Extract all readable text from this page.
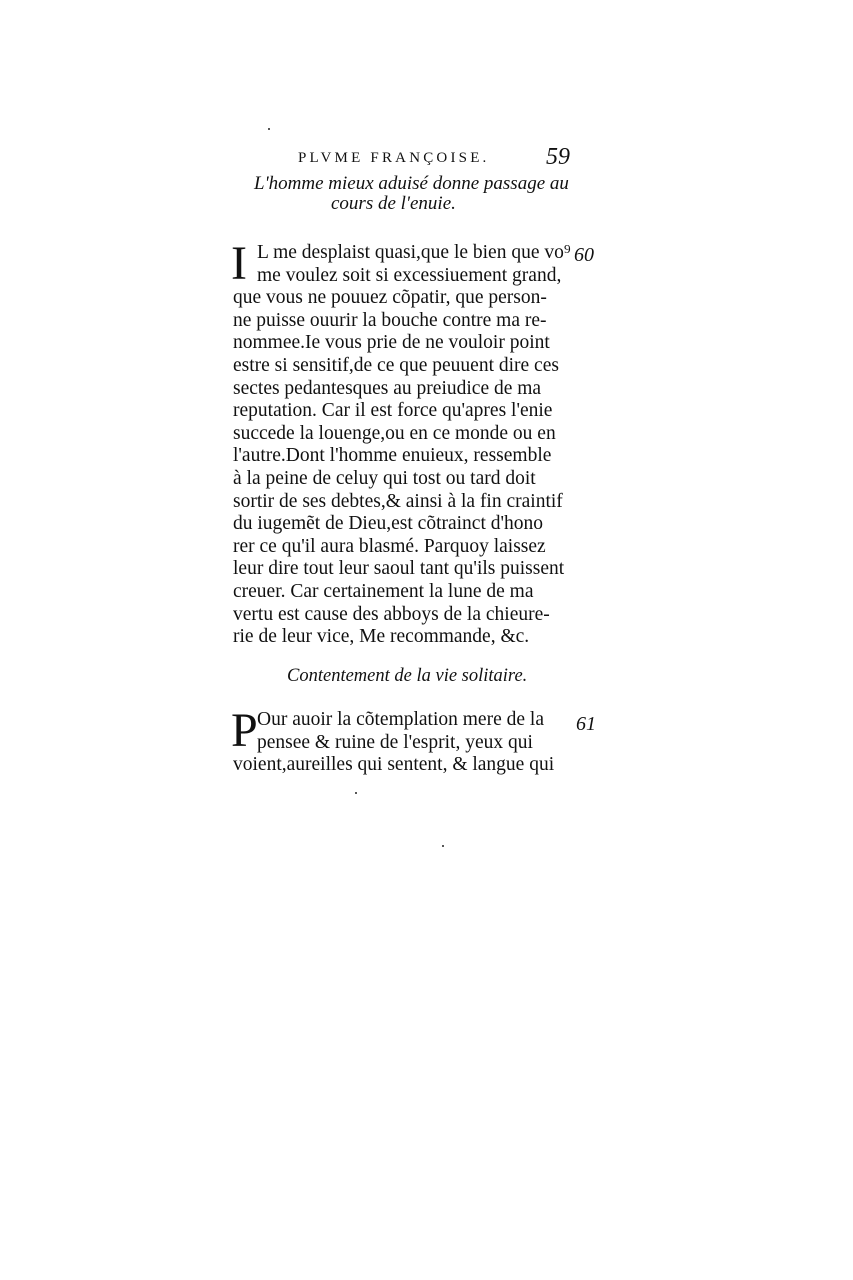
PLVME FRANÇOISE. 59
L'homme mieux aduisé donne passage au
cours de l'enuie.
60
I L me desplaist quasi,que le bien que vo⁹
me voulez soit si excessiuement grand,
que vous ne pouuez cõpatir, que person-
ne puisse ouurir la bouche contre ma re-
nommee.Ie vous prie de ne vouloir point
estre si sensitif,de ce que peuuent dire ces
sectes pedantesques au preiudice de ma
reputation. Car il est force qu'apres l'enie
succede la louenge,ou en ce monde ou en
l'autre.Dont l'homme enuieux, ressemble
à la peine de celuy qui tost ou tard doit
sortir de ses debtes,& ainsi à la fin craintif
du iugemẽt de Dieu,est cõtrainct d'hono
rer ce qu'il aura blasmé. Parquoy laissez
leur dire tout leur saoul tant qu'ils puissent
creuer. Car certainement la lune de ma
vertu est cause des abboys de la chieure-
rie de leur vice, Me recommande, &c.
Contentement de la vie solitaire.
61
P Our auoir la cõtemplation mere de la
pensee & ruine de l'esprit, yeux qui
voient,aureilles qui sentent, & langue qui
